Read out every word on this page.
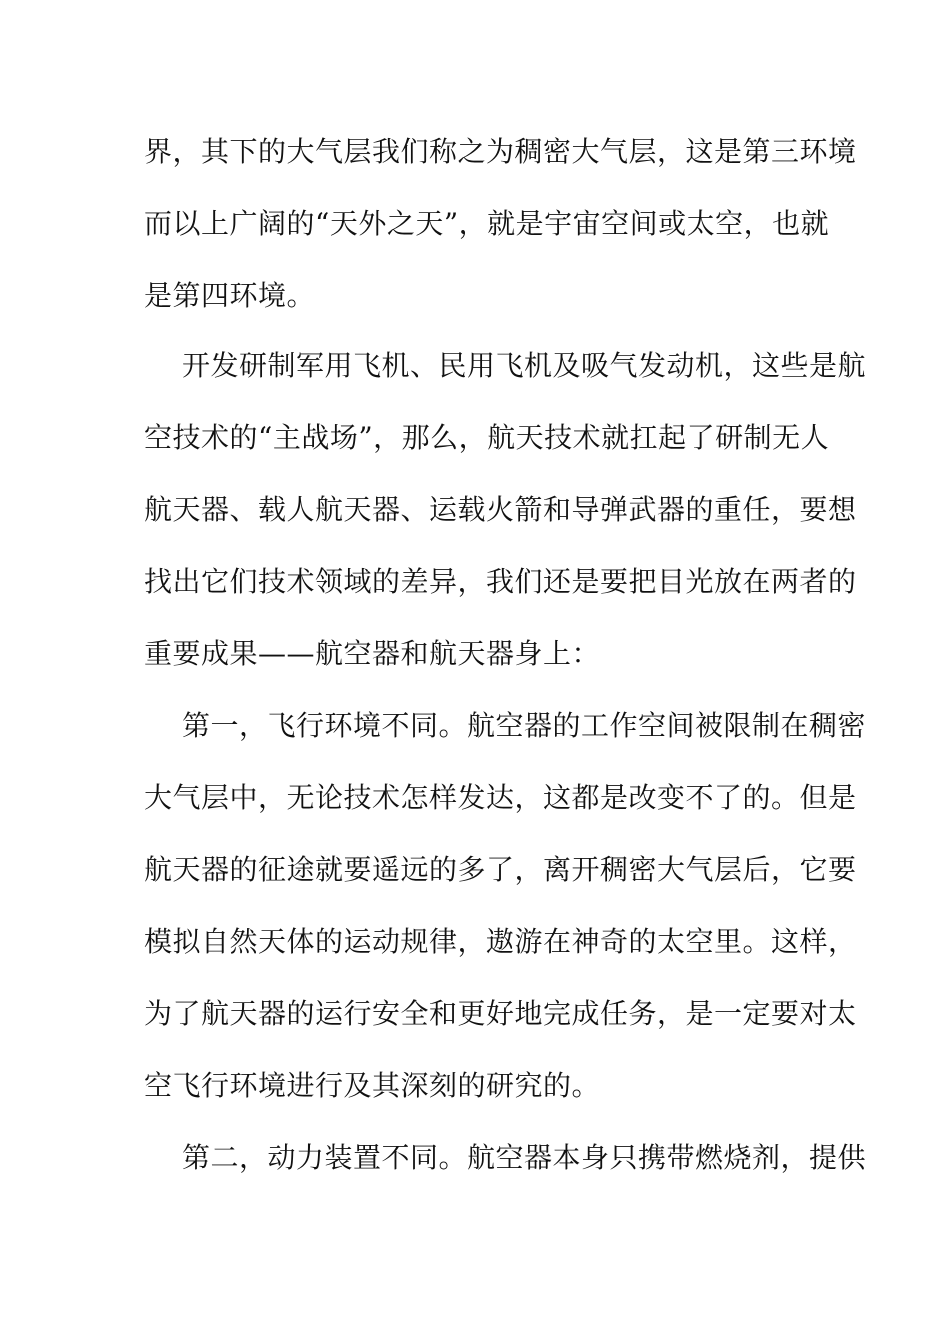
界，其下的大气层我们称之为稠密大气层，这是第三环境
而以上广阔的“天外之天”，就是宇宙空间或太空，也就
是第四环境。
开发研制军用飞机、民用飞机及吸气发动机，这些是航
空技术的“主战场”，那么，航天技术就扛起了研制无人
航天器、载人航天器、运载火箭和导弹武器的重任，要想
找出它们技术领域的差异，我们还是要把目光放在两者的
重要成果——航空器和航天器身上：
第一，飞行环境不同。航空器的工作空间被限制在稠密
大气层中，无论技术怎样发达，这都是改变不了的。但是
航天器的征途就要遥远的多了，离开稠密大气层后，它要
模拟自然天体的运动规律，遨游在神奇的太空里。这样，
为了航天器的运行安全和更好地完成任务，是一定要对太
空飞行环境进行及其深刻的研究的。
第二，动力装置不同。航空器本身只携带燃烧剂，提供
